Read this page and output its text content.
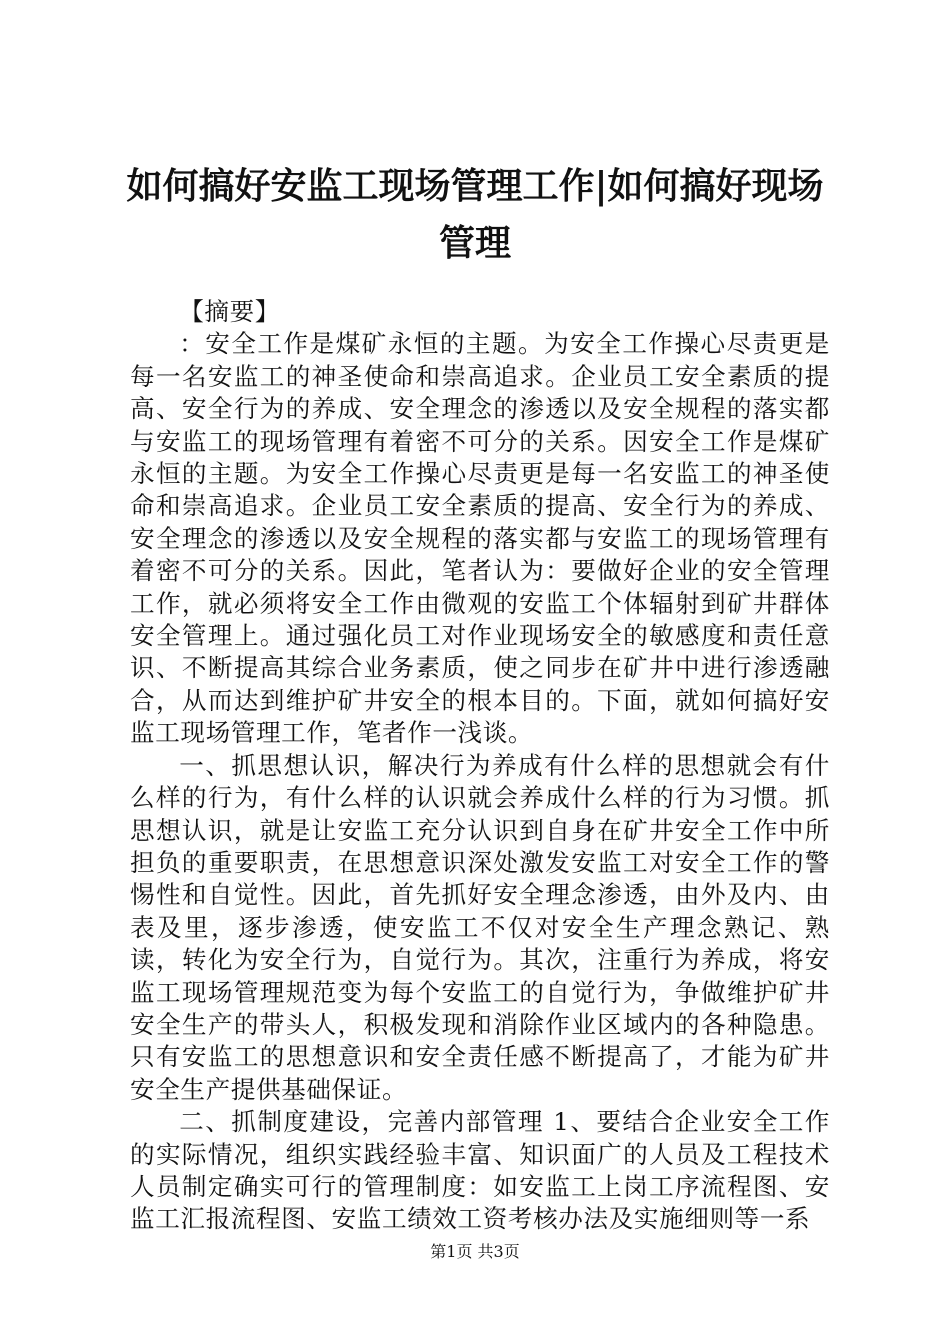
如何搞好安监工现场管理工作|如何搞好现场管理

【摘要】

：安全工作是煤矿永恒的主题。为安全工作操心尽责更是每一名安监工的神圣使命和崇高追求。企业员工安全素质的提高、安全行为的养成、安全理念的渗透以及安全规程的落实都与安监工的现场管理有着密不可分的关系。因安全工作是煤矿永恒的主题。为安全工作操心尽责更是每一名安监工的神圣使命和崇高追求。企业员工安全素质的提高、安全行为的养成、安全理念的渗透以及安全规程的落实都与安监工的现场管理有着密不可分的关系。因此，笔者认为：要做好企业的安全管理工作，就必须将安全工作由微观的安监工个体辐射到矿井群体安全管理上。通过强化员工对作业现场安全的敏感度和责任意识、不断提高其综合业务素质，使之同步在矿井中进行渗透融合，从而达到维护矿井安全的根本目的。下面，就如何搞好安监工现场管理工作，笔者作一浅谈。

一、抓思想认识，解决行为养成有什么样的思想就会有什么样的行为，有什么样的认识就会养成什么样的行为习惯。抓思想认识，就是让安监工充分认识到自身在矿井安全工作中所担负的重要职责，在思想意识深处激发安监工对安全工作的警惕性和自觉性。因此，首先抓好安全理念渗透，由外及内、由表及里，逐步渗透，使安监工不仅对安全生产理念熟记、熟读，转化为安全行为，自觉行为。其次，注重行为养成，将安监工现场管理规范变为每个安监工的自觉行为，争做维护矿井安全生产的带头人，积极发现和消除作业区域内的各种隐患。只有安监工的思想意识和安全责任感不断提高了，才能为矿井安全生产提供基础保证。

二、抓制度建设，完善内部管理 1、要结合企业安全工作的实际情况，组织实践经验丰富、知识面广的人员及工程技术人员制定确实可行的管理制度：如安监工上岗工序流程图、安监工汇报流程图、安监工绩效工资考核办法及实施细则等一系

第1页 共3页
